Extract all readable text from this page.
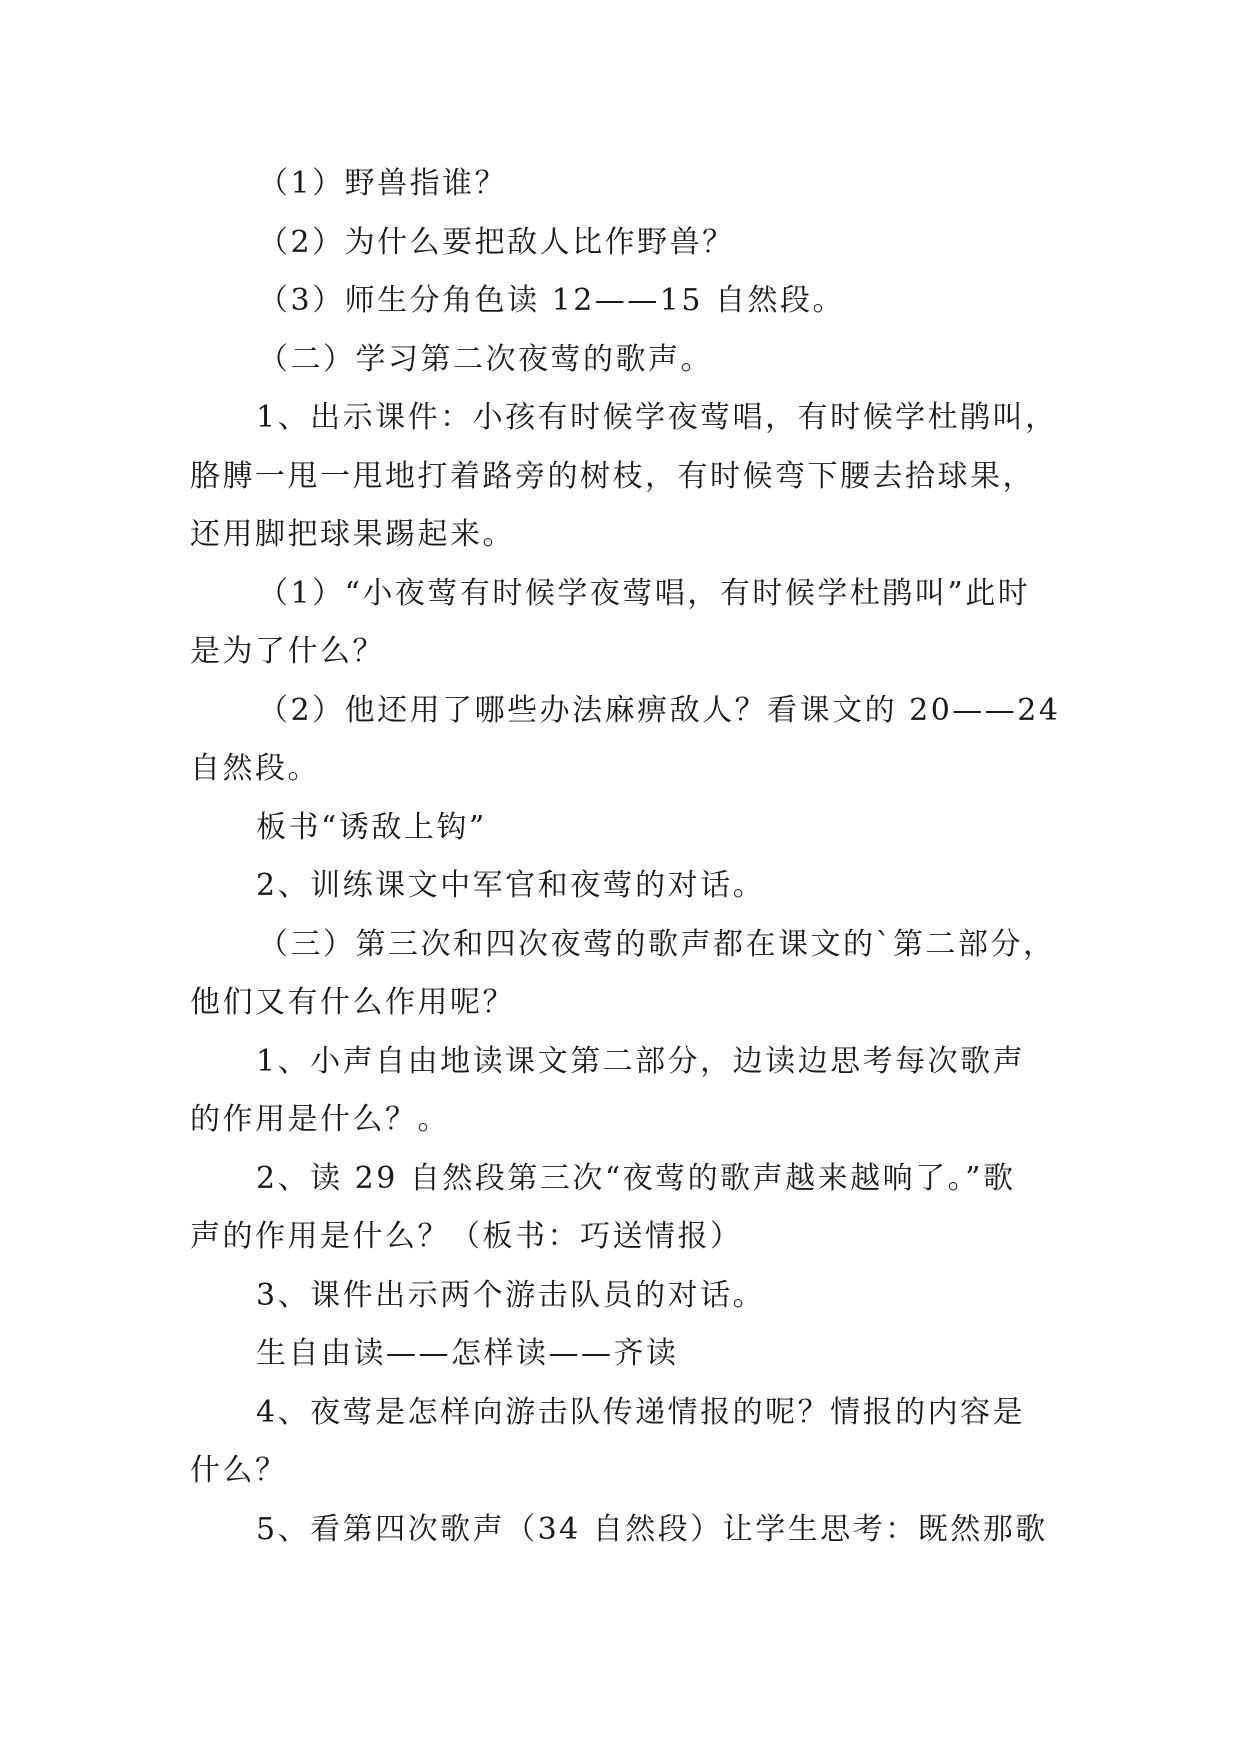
（1）野兽指谁？
（2）为什么要把敌人比作野兽？
（3）师生分角色读 12——15 自然段。
（二）学习第二次夜莺的歌声。
1、出示课件：小孩有时候学夜莺唱，有时候学杜鹃叫，
胳膊一甩一甩地打着路旁的树枝，有时候弯下腰去拾球果，
还用脚把球果踢起来。
（1）“小夜莺有时候学夜莺唱，有时候学杜鹃叫”此时
是为了什么？
（2）他还用了哪些办法麻痹敌人？看课文的 20——24
自然段。
板书“诱敌上钩”
2、训练课文中军官和夜莺的对话。
（三）第三次和四次夜莺的歌声都在课文的`第二部分，
他们又有什么作用呢？
1、小声自由地读课文第二部分，边读边思考每次歌声
的作用是什么？。
2、读 29 自然段第三次“夜莺的歌声越来越响了。”歌
声的作用是什么？（板书：巧送情报）
3、课件出示两个游击队员的对话。
生自由读——怎样读——齐读
4、夜莺是怎样向游击队传递情报的呢？情报的内容是
什么？
5、看第四次歌声（34 自然段）让学生思考：既然那歌
